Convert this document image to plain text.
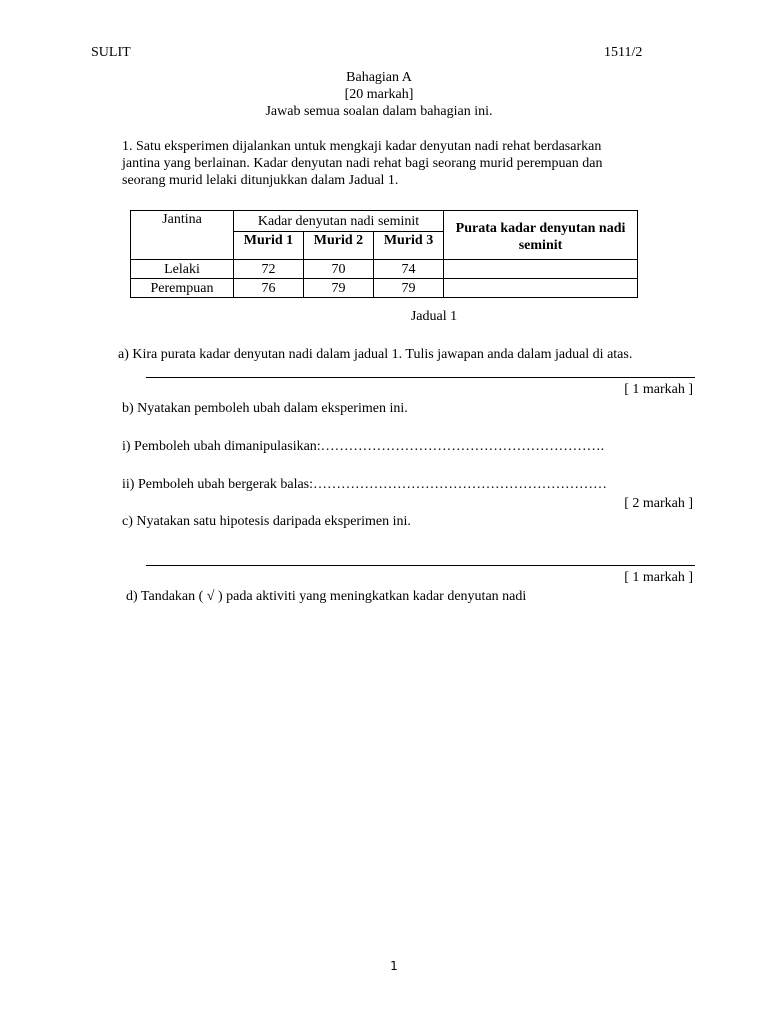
SULIT	1511/2
Bahagian A
[20 markah]
Jawab semua soalan dalam bahagian ini.
1. Satu eksperimen dijalankan untuk mengkaji kadar denyutan nadi rehat berdasarkan
jantina yang berlainan. Kadar denyutan nadi rehat bagi seorang murid perempuan dan
seorang murid lelaki ditunjukkan dalam Jadual 1.
Jantina	Kadar denyutan nadi seminit			Purata kadar denyutan nadi seminit
	Murid 1	Murid 2	Murid 3	
Lelaki	72	70	74	
Perempuan	76	79	79	
Jadual 1
a) Kira purata kadar denyutan nadi dalam jadual 1. Tulis jawapan anda dalam jadual di atas.
[ 1 markah ]
b) Nyatakan pemboleh ubah dalam eksperimen ini.
i) Pemboleh ubah dimanipulasikan:…………………………………………………….
ii) Pemboleh ubah bergerak balas:………………………………………………………
[ 2 markah ]
c) Nyatakan satu hipotesis daripada eksperimen ini.
[ 1 markah ]
d) Tandakan ( √ ) pada aktiviti yang meningkatkan kadar denyutan nadi
1
